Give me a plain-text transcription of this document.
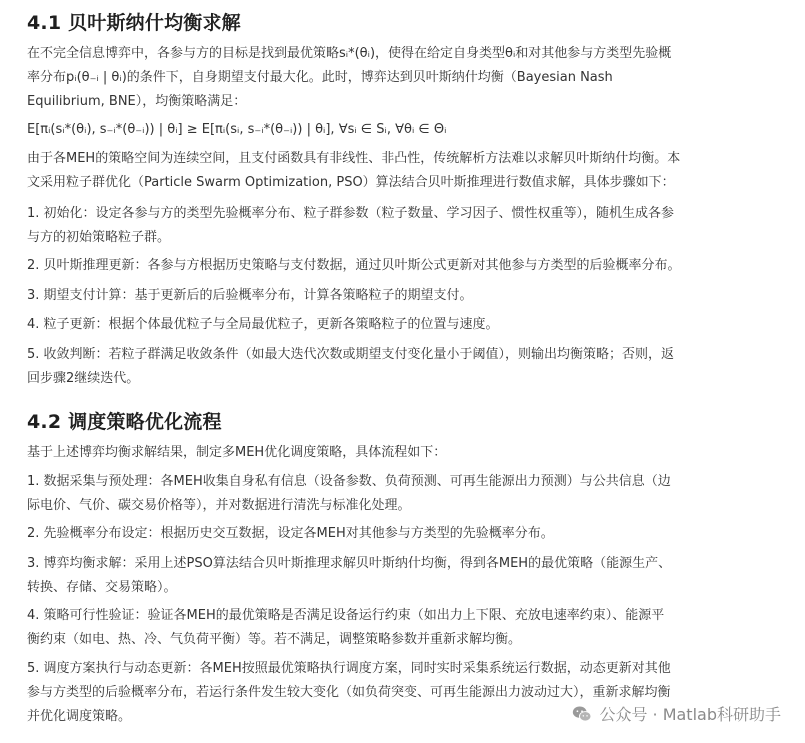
4.1 贝叶斯纳什均衡求解
在不完全信息博弈中，各参与方的目标是找到最优策略sᵢ*(θᵢ)，使得在给定自身类型θᵢ和对其他参与方类型先验概
率分布pᵢ(θ₋ᵢ | θᵢ)的条件下，自身期望支付最大化。此时，博弈达到贝叶斯纳什均衡（Bayesian Nash
Equilibrium, BNE），均衡策略满足：
E[πᵢ(sᵢ*(θᵢ), s₋ᵢ*(θ₋ᵢ)) | θᵢ] ≥ E[πᵢ(sᵢ, s₋ᵢ*(θ₋ᵢ)) | θᵢ], ∀sᵢ ∈ Sᵢ, ∀θᵢ ∈ Θᵢ
由于各MEH的策略空间为连续空间，且支付函数具有非线性、非凸性，传统解析方法难以求解贝叶斯纳什均衡。本
文采用粒子群优化（Particle Swarm Optimization, PSO）算法结合贝叶斯推理进行数值求解，具体步骤如下：
1. 初始化：设定各参与方的类型先验概率分布、粒子群参数（粒子数量、学习因子、惯性权重等），随机生成各参
与方的初始策略粒子群。
2. 贝叶斯推理更新：各参与方根据历史策略与支付数据，通过贝叶斯公式更新对其他参与方类型的后验概率分布。
3. 期望支付计算：基于更新后的后验概率分布，计算各策略粒子的期望支付。
4. 粒子更新：根据个体最优粒子与全局最优粒子，更新各策略粒子的位置与速度。
5. 收敛判断：若粒子群满足收敛条件（如最大迭代次数或期望支付变化量小于阈值），则输出均衡策略；否则，返
回步骤2继续迭代。
4.2 调度策略优化流程
基于上述博弈均衡求解结果，制定多MEH优化调度策略，具体流程如下：
1. 数据采集与预处理：各MEH收集自身私有信息（设备参数、负荷预测、可再生能源出力预测）与公共信息（边
际电价、气价、碳交易价格等），并对数据进行清洗与标准化处理。
2. 先验概率分布设定：根据历史交互数据，设定各MEH对其他参与方类型的先验概率分布。
3. 博弈均衡求解：采用上述PSO算法结合贝叶斯推理求解贝叶斯纳什均衡，得到各MEH的最优策略（能源生产、
转换、存储、交易策略）。
4. 策略可行性验证：验证各MEH的最优策略是否满足设备运行约束（如出力上下限、充放电速率约束）、能源平
衡约束（如电、热、冷、气负荷平衡）等。若不满足，调整策略参数并重新求解均衡。
5. 调度方案执行与动态更新：各MEH按照最优策略执行调度方案，同时实时采集系统运行数据，动态更新对其他
参与方类型的后验概率分布，若运行条件发生较大变化（如负荷突变、可再生能源出力波动过大），重新求解均衡
并优化调度策略。	公众号 · Matlab科研助手
